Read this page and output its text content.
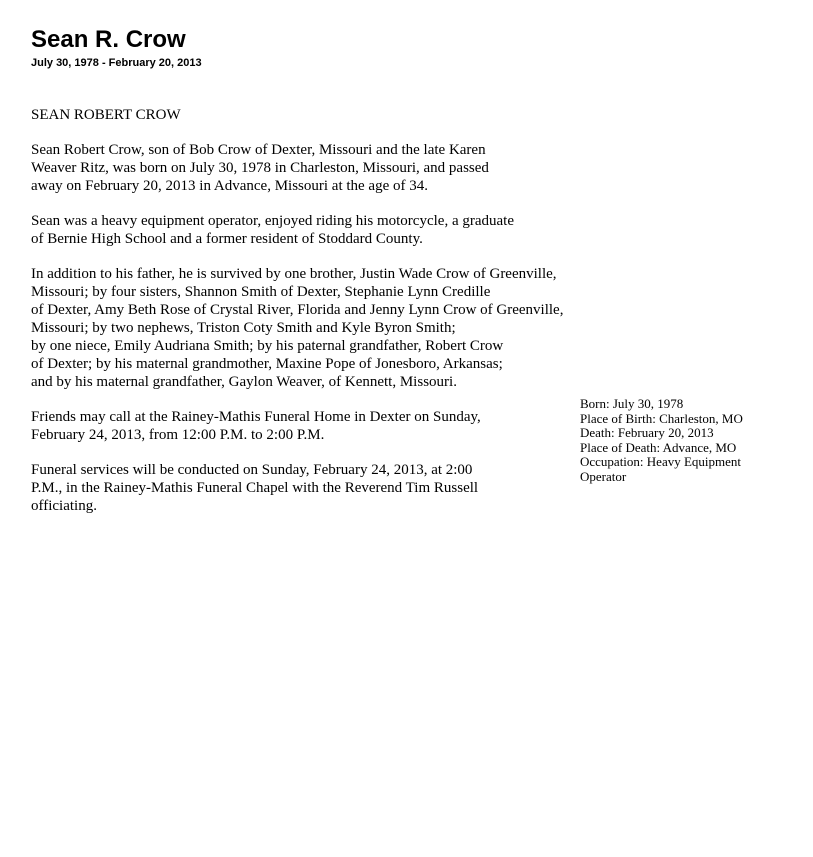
Sean R. Crow
July 30, 1978 - February 20, 2013

SEAN ROBERT CROW

Sean Robert Crow, son of Bob Crow of Dexter, Missouri and the late Karen
Weaver Ritz, was born on July 30, 1978 in Charleston, Missouri, and passed
away on February 20, 2013 in Advance, Missouri at the age of 34.

Sean was a heavy equipment operator, enjoyed riding his motorcycle, a graduate
of Bernie High School and a former resident of Stoddard County.

In addition to his father, he is survived by one brother, Justin Wade Crow of Greenville,
Missouri; by four sisters, Shannon Smith of Dexter, Stephanie Lynn Credille
of Dexter, Amy Beth Rose of Crystal River, Florida and Jenny Lynn Crow of Greenville,
Missouri; by two nephews, Triston Coty Smith and Kyle Byron Smith;
by one niece, Emily Audriana Smith; by his paternal grandfather, Robert Crow
of Dexter; by his maternal grandmother, Maxine Pope of Jonesboro, Arkansas;
and by his maternal grandfather, Gaylon Weaver, of Kennett, Missouri.

Friends may call at the Rainey-Mathis Funeral Home in Dexter on Sunday,
February 24, 2013, from 12:00 P.M. to 2:00 P.M.

Funeral services will be conducted on Sunday, February 24, 2013, at 2:00
P.M., in the Rainey-Mathis Funeral Chapel with the Reverend Tim Russell
officiating.

Born: July 30, 1978
Place of Birth: Charleston, MO
Death: February 20, 2013
Place of Death: Advance, MO
Occupation: Heavy Equipment
Operator
